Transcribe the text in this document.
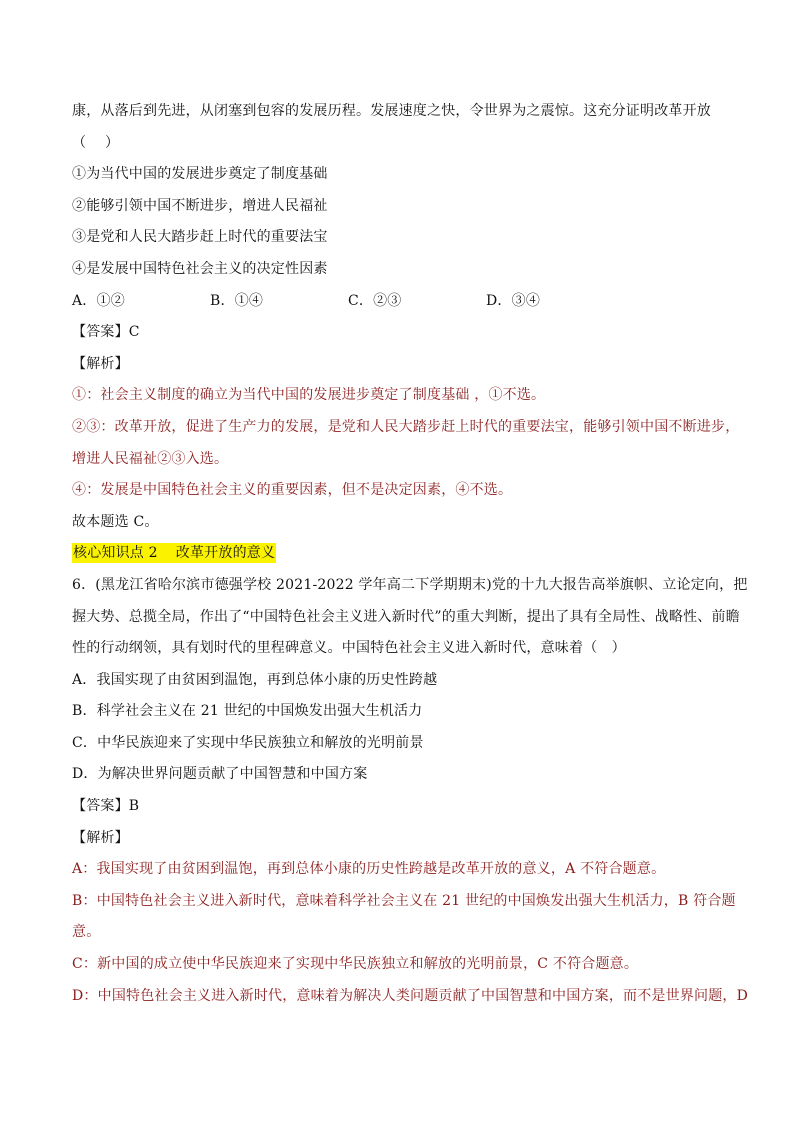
康，从落后到先进，从闭塞到包容的发展历程。发展速度之快，令世界为之震惊。这充分证明改革开放
（　 ）
①为当代中国的发展进步奠定了制度基础
②能够引领中国不断进步，增进人民福祉
③是党和人民大踏步赶上时代的重要法宝
④是发展中国特色社会主义的决定性因素
A．①②	B．①④	C．②③	D．③④
【答案】C
【解析】
①：社会主义制度的确立为当代中国的发展进步奠定了制度基础 ，①不选。
②③：改革开放，促进了生产力的发展，是党和人民大踏步赶上时代的重要法宝，能够引领中国不断进步，
增进人民福祉②③入选。
④：发展是中国特色社会主义的重要因素，但不是决定因素，④不选。
故本题选 C。
核心知识点 2 改革开放的意义
6．(黑龙江省哈尔滨市德强学校 2021-2022 学年高二下学期期末)党的十九大报告高举旗帜、立论定向，把
握大势、总揽全局，作出了“中国特色社会主义进入新时代”的重大判断，提出了具有全局性、战略性、前瞻
性的行动纲领，具有划时代的里程碑意义。中国特色社会主义进入新时代，意味着（　）
A．我国实现了由贫困到温饱，再到总体小康的历史性跨越
B．科学社会主义在 21 世纪的中国焕发出强大生机活力
C．中华民族迎来了实现中华民族独立和解放的光明前景
D．为解决世界问题贡献了中国智慧和中国方案
【答案】B
【解析】
A：我国实现了由贫困到温饱，再到总体小康的历史性跨越是改革开放的意义，A 不符合题意。
B：中国特色社会主义进入新时代，意味着科学社会主义在 21 世纪的中国焕发出强大生机活力，B 符合题
意。
C：新中国的成立使中华民族迎来了实现中华民族独立和解放的光明前景，C 不符合题意。
D：中国特色社会主义进入新时代，意味着为解决人类问题贡献了中国智慧和中国方案，而不是世界问题，D
